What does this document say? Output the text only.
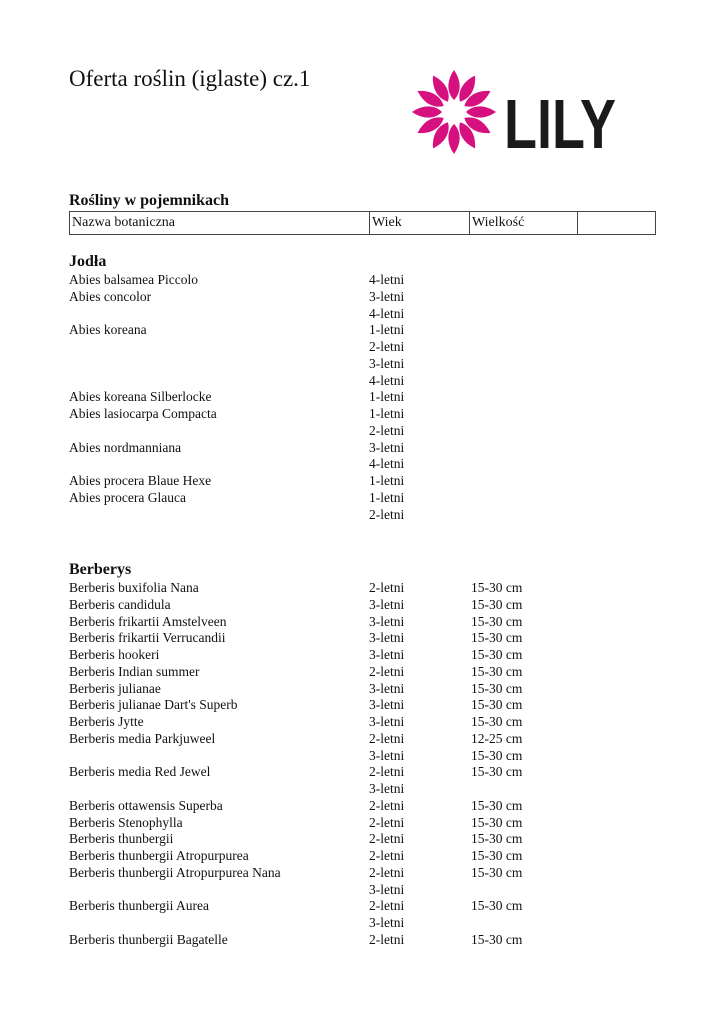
Oferta roślin (iglaste) cz.1
LILY
Rośliny w pojemnikach
Nazwa botaniczna	Wiek	Wielkość	
Jodła
Abies balsamea Piccolo	4-letni
Abies concolor	3-letni
4-letni
Abies koreana	1-letni
2-letni
3-letni
4-letni
Abies koreana Silberlocke	1-letni
Abies lasiocarpa Compacta	1-letni
2-letni
Abies nordmanniana	3-letni
4-letni
Abies procera Blaue Hexe	1-letni
Abies procera Glauca	1-letni
2-letni
Berberys
Berberis buxifolia Nana	2-letni	15-30 cm
Berberis candidula	3-letni	15-30 cm
Berberis frikartii Amstelveen	3-letni	15-30 cm
Berberis frikartii Verrucandii	3-letni	15-30 cm
Berberis hookeri	3-letni	15-30 cm
Berberis Indian summer	2-letni	15-30 cm
Berberis julianae	3-letni	15-30 cm
Berberis julianae Dart's Superb	3-letni	15-30 cm
Berberis Jytte	3-letni	15-30 cm
Berberis media Parkjuweel	2-letni	12-25 cm
3-letni	15-30 cm
Berberis media Red Jewel	2-letni	15-30 cm
3-letni
Berberis ottawensis Superba	2-letni	15-30 cm
Berberis Stenophylla	2-letni	15-30 cm
Berberis thunbergii	2-letni	15-30 cm
Berberis thunbergii Atropurpurea	2-letni	15-30 cm
Berberis thunbergii Atropurpurea Nana	2-letni	15-30 cm
3-letni
Berberis thunbergii Aurea	2-letni	15-30 cm
3-letni
Berberis thunbergii Bagatelle	2-letni	15-30 cm
